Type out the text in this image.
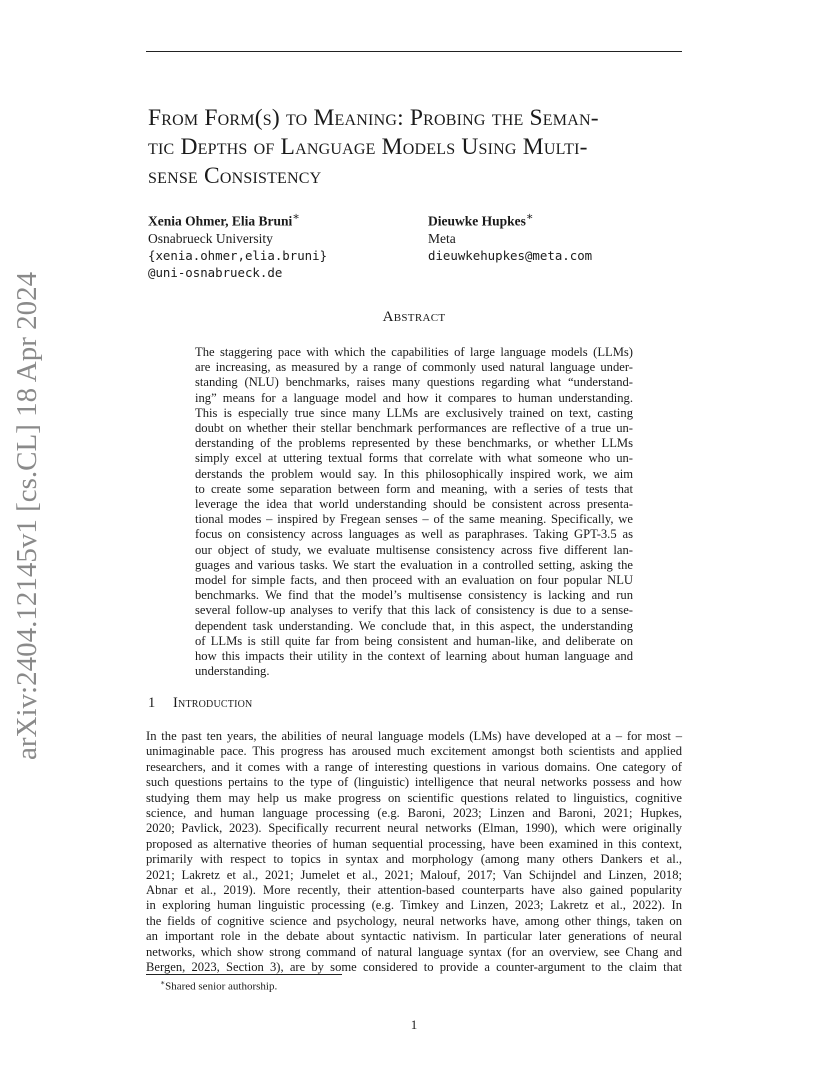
arXiv:2404.12145v1 [cs.CL] 18 Apr 2024
From Form(s) to Meaning: Probing the Seman-
tic Depths of Language Models Using Multi-
sense Consistency
Xenia Ohmer, Elia Bruni∗
Osnabrueck University
{xenia.ohmer,elia.bruni}
@uni-osnabrueck.de
Dieuwke Hupkes∗
Meta
dieuwkehupkes@meta.com
Abstract
The staggering pace with which the capabilities of large language models (LLMs)
are increasing, as measured by a range of commonly used natural language under-
standing (NLU) benchmarks, raises many questions regarding what “understand-
ing” means for a language model and how it compares to human understanding.
This is especially true since many LLMs are exclusively trained on text, casting
doubt on whether their stellar benchmark performances are reflective of a true un-
derstanding of the problems represented by these benchmarks, or whether LLMs
simply excel at uttering textual forms that correlate with what someone who un-
derstands the problem would say. In this philosophically inspired work, we aim
to create some separation between form and meaning, with a series of tests that
leverage the idea that world understanding should be consistent across presenta-
tional modes – inspired by Fregean senses – of the same meaning. Specifically, we
focus on consistency across languages as well as paraphrases. Taking GPT-3.5 as
our object of study, we evaluate multisense consistency across five different lan-
guages and various tasks. We start the evaluation in a controlled setting, asking the
model for simple facts, and then proceed with an evaluation on four popular NLU
benchmarks. We find that the model’s multisense consistency is lacking and run
several follow-up analyses to verify that this lack of consistency is due to a sense-
dependent task understanding. We conclude that, in this aspect, the understanding
of LLMs is still quite far from being consistent and human-like, and deliberate on
how this impacts their utility in the context of learning about human language and
understanding.
1 Introduction
In the past ten years, the abilities of neural language models (LMs) have developed at a – for most –
unimaginable pace. This progress has aroused much excitement amongst both scientists and applied
researchers, and it comes with a range of interesting questions in various domains. One category of
such questions pertains to the type of (linguistic) intelligence that neural networks possess and how
studying them may help us make progress on scientific questions related to linguistics, cognitive
science, and human language processing (e.g. Baroni, 2023; Linzen and Baroni, 2021; Hupkes,
2020; Pavlick, 2023). Specifically recurrent neural networks (Elman, 1990), which were originally
proposed as alternative theories of human sequential processing, have been examined in this context,
primarily with respect to topics in syntax and morphology (among many others Dankers et al.,
2021; Lakretz et al., 2021; Jumelet et al., 2021; Malouf, 2017; Van Schijndel and Linzen, 2018;
Abnar et al., 2019). More recently, their attention-based counterparts have also gained popularity
in exploring human linguistic processing (e.g. Timkey and Linzen, 2023; Lakretz et al., 2022). In
the fields of cognitive science and psychology, neural networks have, among other things, taken on
an important role in the debate about syntactic nativism. In particular later generations of neural
networks, which show strong command of natural language syntax (for an overview, see Chang and
Bergen, 2023, Section 3), are by some considered to provide a counter-argument to the claim that
∗Shared senior authorship.
1
